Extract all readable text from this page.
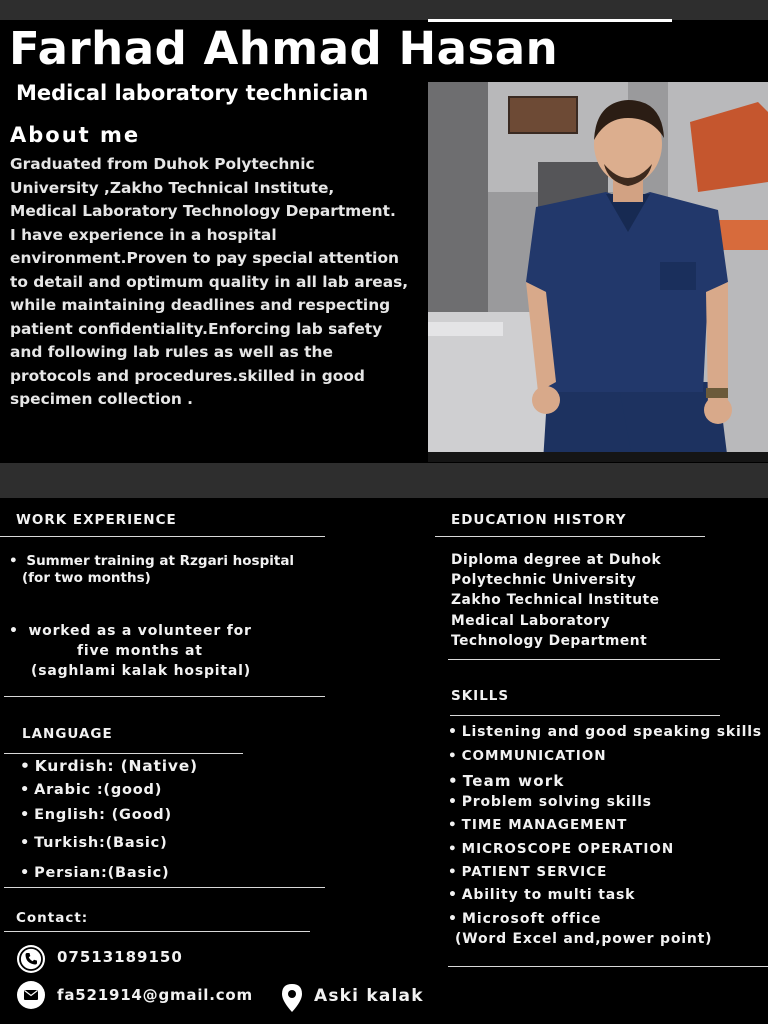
Farhad Ahmad Hasan
Medical laboratory technician
About me
Graduated from Duhok Polytechnic
University ,Zakho Technical Institute,
Medical Laboratory Technology Department.
I have experience in a hospital
environment.Proven to pay special attention
to detail and optimum quality in all lab areas,
while maintaining deadlines and respecting
patient confidentiality.Enforcing lab safety
and following lab rules as well as the
protocols and procedures.skilled in good
specimen collection .
WORK EXPERIENCE
• Summer training at Rzgari hospital
(for two months)
• worked as a volunteer for
five months at
(saghlami kalak hospital)
LANGUAGE
• Kurdish: (Native)
• Arabic :(good)
• English: (Good)
• Turkish:(Basic)
• Persian:(Basic)
Contact:
07513189150
fa521914@gmail.com	Aski kalak
EDUCATION HISTORY
Diploma degree at Duhok
Polytechnic University
Zakho Technical Institute
Medical Laboratory
Technology Department
SKILLS
• Listening and good speaking skills
• COMMUNICATION
• Team work
• Problem solving skills
• TIME MANAGEMENT
• MICROSCOPE OPERATION
• PATIENT SERVICE
• Ability to multi task
• Microsoft office
(Word Excel and,power point)
